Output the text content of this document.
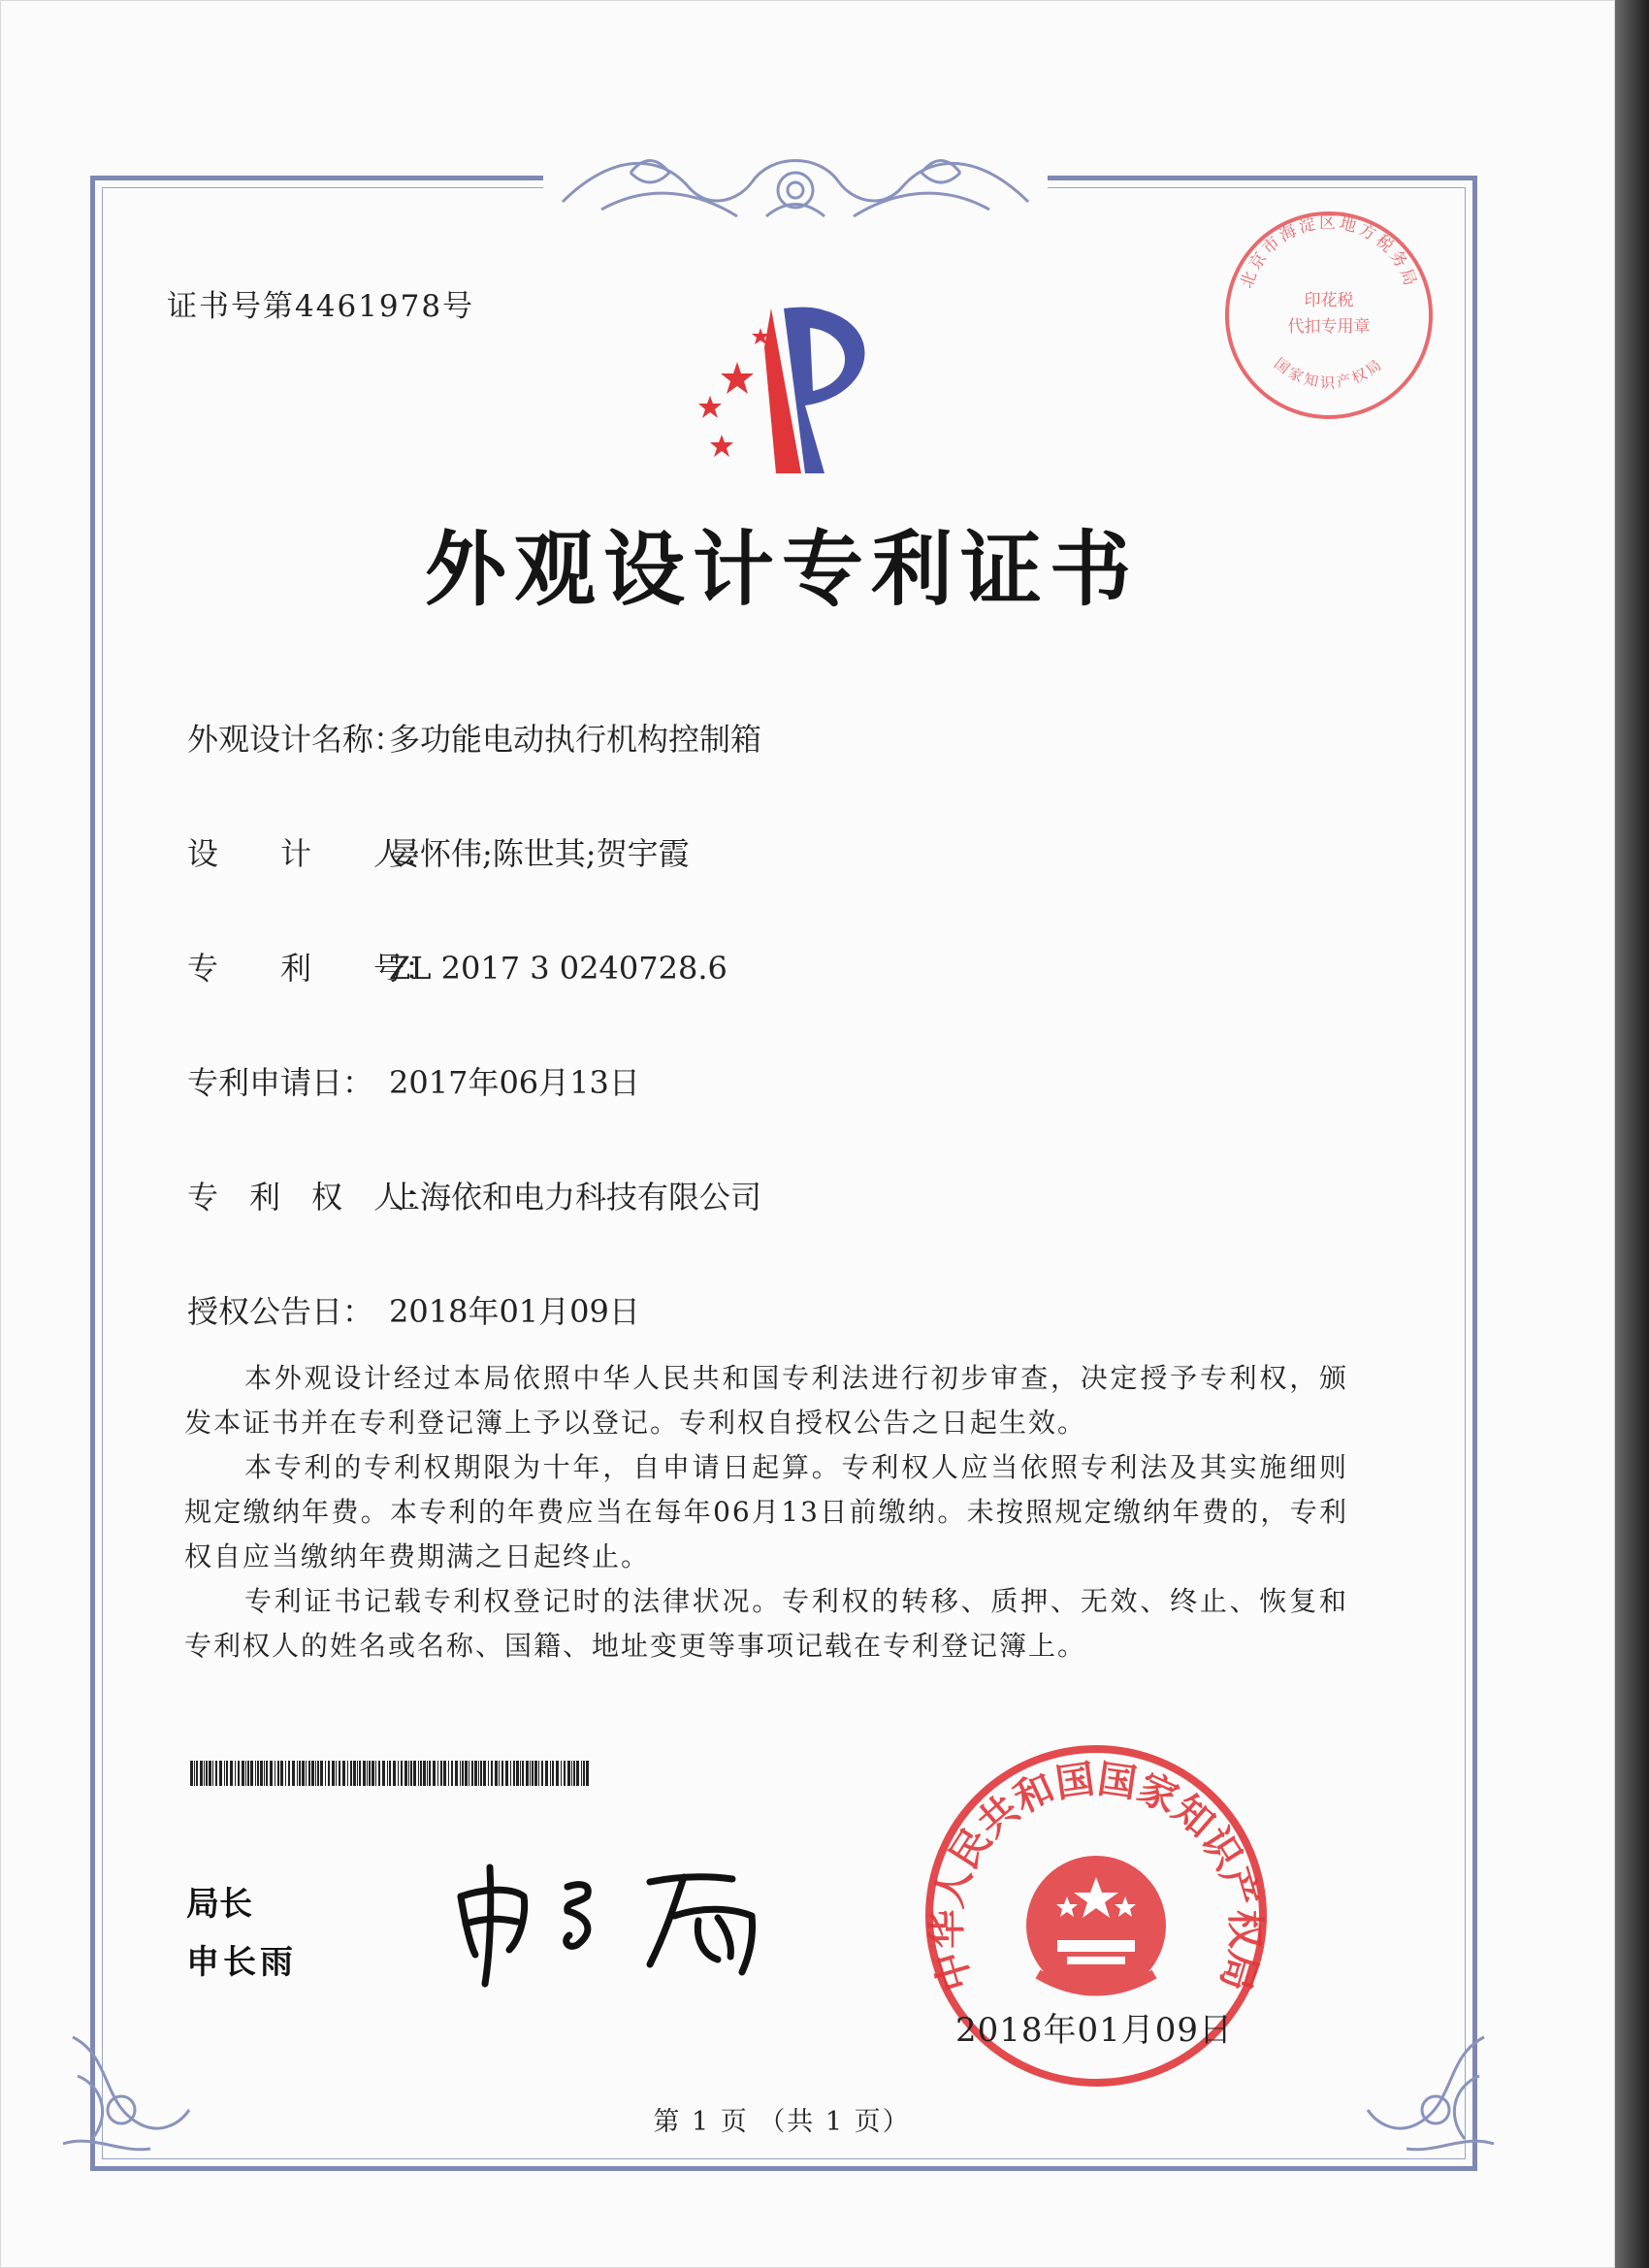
证书号第4461978号
北京市海淀区地方税务局
国家知识产权局
印花税
代扣专用章
外观设计专利证书
外观设计名称：多功能电动执行机构控制箱
设　　计　　人：晏怀伟;陈世其;贺宇霞
专　　利　　号：ZL 2017 3 0240728.6
专利申请日： 2017年06月13日
专　利　权　人：上海依和电力科技有限公司
授权公告日： 2018年01月09日

本外观设计经过本局依照中华人民共和国专利法进行初步审查，决定授予专利权，颁发本证书并在专利登记簿上予以登记。专利权自授权公告之日起生效。

本专利的专利权期限为十年，自申请日起算。专利权人应当依照专利法及其实施细则规定缴纳年费。本专利的年费应当在每年06月13日前缴纳。未按照规定缴纳年费的，专利权自应当缴纳年费期满之日起终止。

专利证书记载专利权登记时的法律状况。专利权的转移、质押、无效、终止、恢复和专利权人的姓名或名称、国籍、地址变更等事项记载在专利登记簿上。

局长
申长雨	中华人民共和国国家知识产权局
2018年01月09日
第 1 页 （共 1 页）
